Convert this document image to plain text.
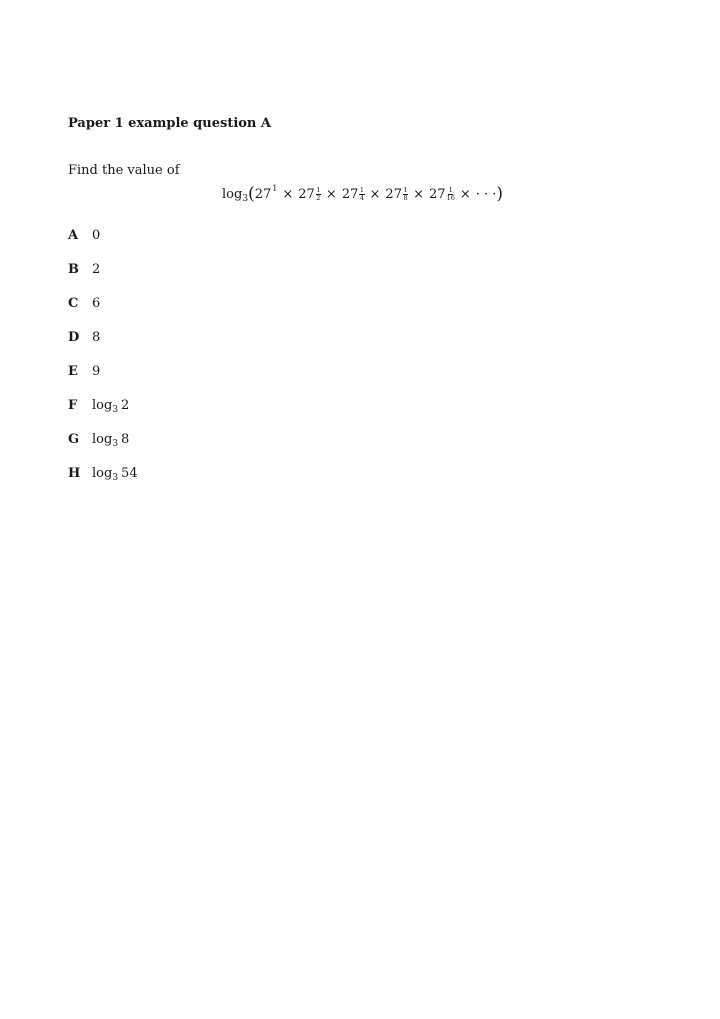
Paper 1 example question A
Find the value of
$\log_3(27^1 \times 27 \frac{1}{2} \times 27 \frac{1}{4} \times 27 \frac{1}{8} \times 27 \frac{1}{16}$ × · · ·)
A	0
B	2
C	6
D 8
E	9
F	$\log_3 2$
G $\log_3 8$
H $\log_3 54$
